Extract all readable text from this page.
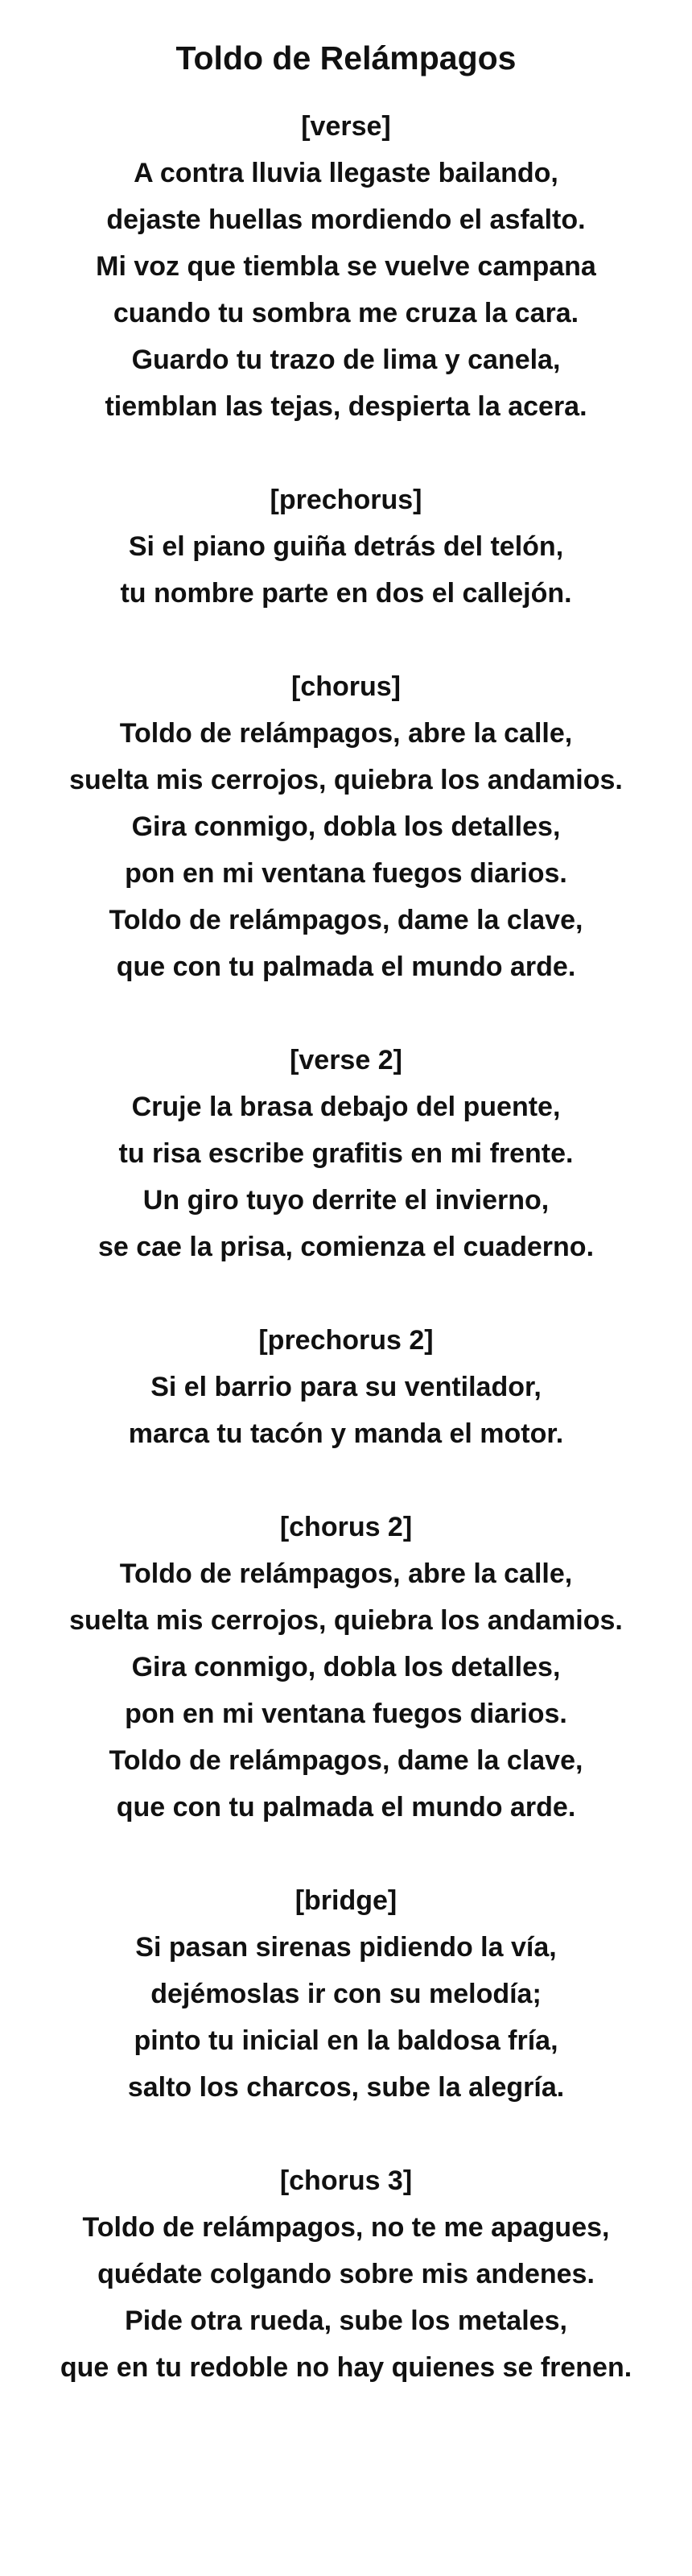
Toldo de Relámpagos
[verse]
A contra lluvia llegaste bailando,
dejaste huellas mordiendo el asfalto.
Mi voz que tiembla se vuelve campana
cuando tu sombra me cruza la cara.
Guardo tu trazo de lima y canela,
tiemblan las tejas, despierta la acera.
[prechorus]
Si el piano guiña detrás del telón,
tu nombre parte en dos el callejón.
[chorus]
Toldo de relámpagos, abre la calle,
suelta mis cerrojos, quiebra los andamios.
Gira conmigo, dobla los detalles,
pon en mi ventana fuegos diarios.
Toldo de relámpagos, dame la clave,
que con tu palmada el mundo arde.
[verse 2]
Cruje la brasa debajo del puente,
tu risa escribe grafitis en mi frente.
Un giro tuyo derrite el invierno,
se cae la prisa, comienza el cuaderno.
[prechorus 2]
Si el barrio para su ventilador,
marca tu tacón y manda el motor.
[chorus 2]
Toldo de relámpagos, abre la calle,
suelta mis cerrojos, quiebra los andamios.
Gira conmigo, dobla los detalles,
pon en mi ventana fuegos diarios.
Toldo de relámpagos, dame la clave,
que con tu palmada el mundo arde.
[bridge]
Si pasan sirenas pidiendo la vía,
dejémoslas ir con su melodía;
pinto tu inicial en la baldosa fría,
salto los charcos, sube la alegría.
[chorus 3]
Toldo de relámpagos, no te me apagues,
quédate colgando sobre mis andenes.
Pide otra rueda, sube los metales,
que en tu redoble no hay quienes se frenen.
